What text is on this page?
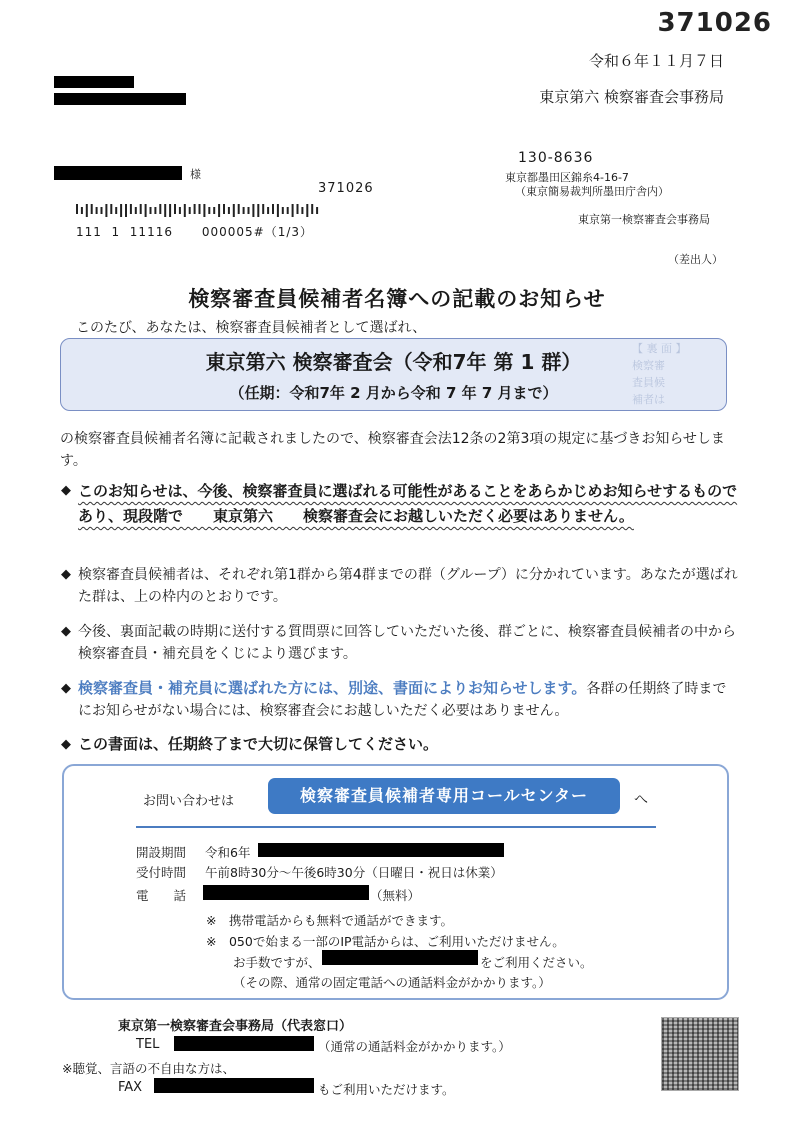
371026
令和６年１１月７日
東京第六 検察審査会事務局
様
371026
111  1  11116      000005#（1/3）
130-8636
東京都墨田区錦糸4-16-7
（東京簡易裁判所墨田庁舎内）
東京第一検察審査会事務局
（差出人）
検察審査員候補者名簿への記載のお知らせ
このたび、あなたは、検察審査員候補者として選ばれ、
【 裏 面 】
検察審
査員候
補者は
東京第六 検察審査会（令和7年 第 1 群）
（任期：令和7年 2 月から令和 7 年 7 月まで）
の検察審査員候補者名簿に記載されましたので、検察審査会法12条の2第3項の規定に基づきお知らせします。
◆ このお知らせは、今後、検察審査員に選ばれる可能性があることをあらかじめお知らせするものであり、現段階で　　東京第六　　検察審査会にお越しいただく必要はありません。
◆ 検察審査員候補者は、それぞれ第1群から第4群までの群（グループ）に分かれています。あなたが選ばれた群は、上の枠内のとおりです。
◆ 今後、裏面記載の時期に送付する質問票に回答していただいた後、群ごとに、検察審査員候補者の中から検察審査員・補充員をくじにより選びます。
◆ 検察審査員・補充員に選ばれた方には、別途、書面によりお知らせします。各群の任期終了時までにお知らせがない場合には、検察審査会にお越しいただく必要はありません。
◆ この書面は、任期終了まで大切に保管してください。
お問い合わせは	検察審査員候補者専用コールセンター	へ
開設期間 令和6年
受付時間 午前8時30分～午後6時30分（日曜日・祝日は休業）
電　　話	（無料）
※　携帯電話からも無料で通話ができます。
※　050で始まる一部のIP電話からは、ご利用いただけません。
お手数ですが、	をご利用ください。
（その際、通常の固定電話への通話料金がかかります。）
東京第一検察審査会事務局（代表窓口）
TEL	（通常の通話料金がかかります。）
※聴覚、言語の不自由な方は、
FAX	もご利用いただけます。
